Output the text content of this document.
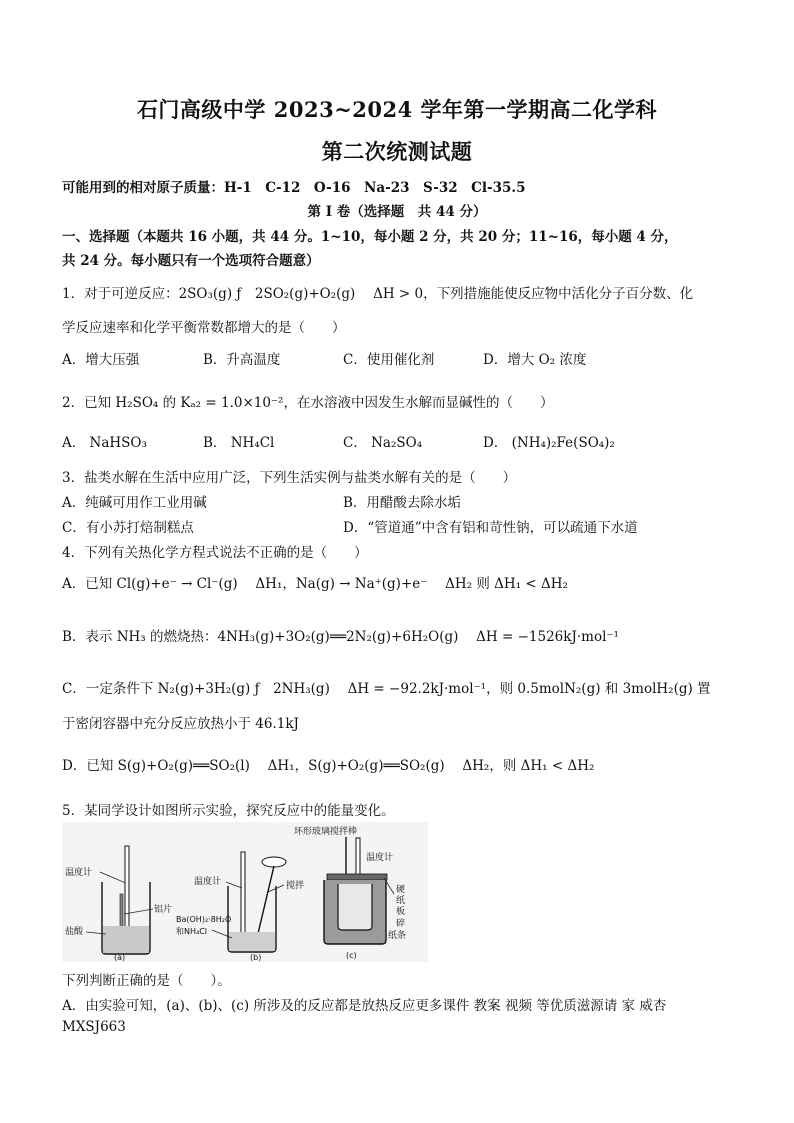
石门高级中学 2023~2024 学年第一学期高二化学科
第二次统测试题
可能用到的相对原子质量：H-1　C-12　O-16　Na-23　S-32　Cl-35.5
第 I 卷（选择题　共 44 分）
一、选择题（本题共 16 小题，共 44 分。1~10，每小题 2 分，共 20 分；11~16，每小题 4 分，
共 24 分。每小题只有一个选项符合题意）
1．对于可逆反应：2SO₃(g) ƒ　2SO₂(g)+O₂(g)　 ΔH > 0，下列措施能使反应物中活化分子百分数、化
学反应速率和化学平衡常数都增大的是（　　）
A．增大压强	B．升高温度	C．使用催化剂	D．增大 O₂ 浓度
2．已知 H₂SO₄ 的 Kₐ₂ = 1.0×10⁻²，在水溶液中因发生水解而显碱性的（　　）
A． NaHSO₃	B． NH₄Cl	C． Na₂SO₄	D． (NH₄)₂Fe(SO₄)₂
3．盐类水解在生活中应用广泛，下列生活实例与盐类水解有关的是（　　）
A．纯碱可用作工业用碱	B．用醋酸去除水垢
C．有小苏打焙制糕点	D．“管道通”中含有铝和苛性钠，可以疏通下水道
4．下列有关热化学方程式说法不正确的是（　　）
A．已知 Cl(g)+e⁻ → Cl⁻(g)　 ΔH₁，Na(g) → Na⁺(g)+e⁻　 ΔH₂ 则 ΔH₁ < ΔH₂
B．表示 NH₃ 的燃烧热：4NH₃(g)+3O₂(g)══2N₂(g)+6H₂O(g)　 ΔH = −1526kJ·mol⁻¹
C．一定条件下 N₂(g)+3H₂(g) ƒ　2NH₃(g)　 ΔH = −92.2kJ·mol⁻¹，则 0.5molN₂(g) 和 3molH₂(g) 置
于密闭容器中充分反应放热小于 46.1kJ
D．已知 S(g)+O₂(g)══SO₂(l)　 ΔH₁，S(g)+O₂(g)══SO₂(g)　 ΔH₂，则 ΔH₁ < ΔH₂
5．某同学设计如图所示实验，探究反应中的能量变化。
温度计
铝片
盐酸
(a)
温度计	搅拌
Ba(OH)₂·8H₂O
和NH₄Cl
(b)
环形玻璃搅拌棒
温度计
硬
纸
板
碎
纸条
(c)
下列判断正确的是（　　）。
A．由实验可知，(a)、(b)、(c) 所涉及的反应都是放热反应更多课件 教案 视频 等优质滋源请 家 威杏
MXSJ663
